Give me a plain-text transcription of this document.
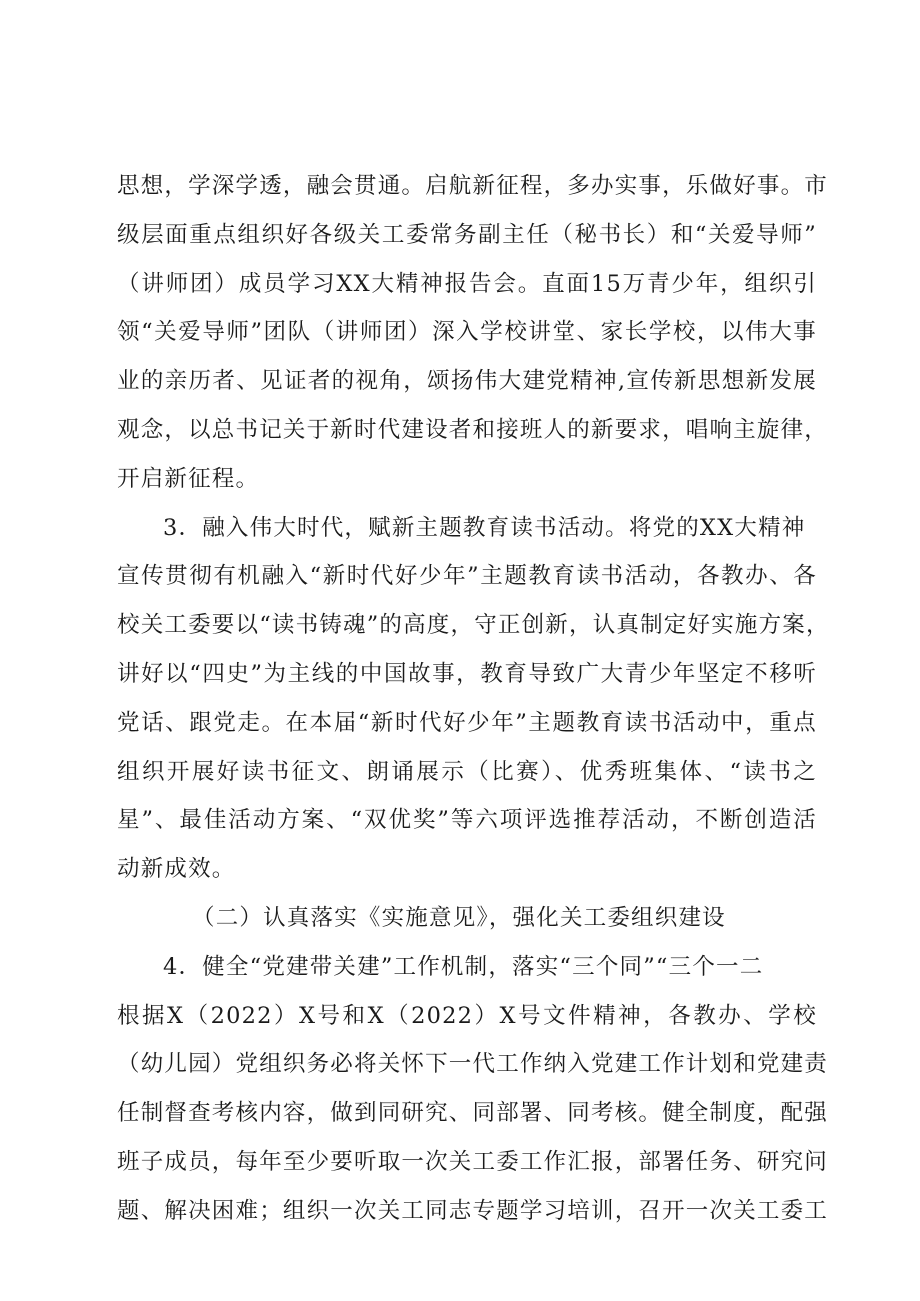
思想，学深学透，融会贯通。启航新征程，多办实事，乐做好事。市
级层面重点组织好各级关工委常务副主任（秘书长）和“关爱导师”
（讲师团）成员学习XX大精神报告会。直面15万青少年，组织引
领“关爱导师”团队（讲师团）深入学校讲堂、家长学校，以伟大事
业的亲历者、见证者的视角，颂扬伟大建党精神,宣传新思想新发展
观念，以总书记关于新时代建设者和接班人的新要求，唱响主旋律，
开启新征程。
3．融入伟大时代，赋新主题教育读书活动。将党的XX大精神
宣传贯彻有机融入“新时代好少年”主题教育读书活动，各教办、各
校关工委要以“读书铸魂”的高度，守正创新，认真制定好实施方案，
讲好以“四史”为主线的中国故事，教育导致广大青少年坚定不移听
党话、跟党走。在本届“新时代好少年”主题教育读书活动中，重点
组织开展好读书征文、朗诵展示（比赛）、优秀班集体、“读书之
星”、最佳活动方案、“双优奖”等六项评选推荐活动，不断创造活
动新成效。
（二）认真落实《实施意见》，强化关工委组织建设
4．健全“党建带关建”工作机制，落实“三个同”“三个一二
根据X（2022）X号和X（2022）X号文件精神，各教办、学校
（幼儿园）党组织务必将关怀下一代工作纳入党建工作计划和党建责
任制督查考核内容，做到同研究、同部署、同考核。健全制度，配强
班子成员，每年至少要听取一次关工委工作汇报，部署任务、研究问
题、解决困难；组织一次关工同志专题学习培训，召开一次关工委工
